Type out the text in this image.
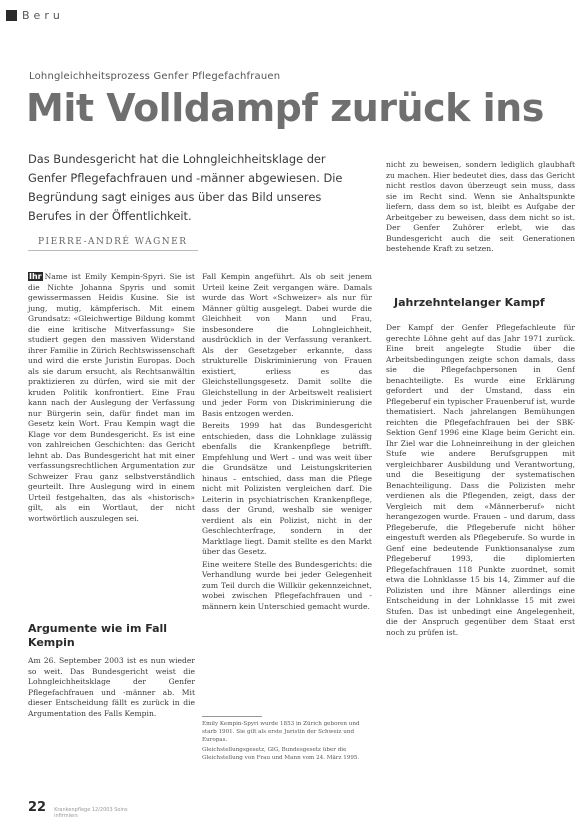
Beru
Lohngleichheitsprozess Genfer Pflegefachfrauen
Mit Volldampf zurück ins

Das Bundesgericht hat die Lohngleichheitsklage der Genfer Pflegefachfrauen und -männer abgewiesen. Die Begründung sagt einiges aus über das Bild unseres Berufes in der Öffentlichkeit.

PIERRE-ANDRÉ WAGNER

Ihr Name ist Emily Kempin-Spyri. Sie ist die Nichte Johanna Spyris und somit gewissermassen Heidis Kusine. Sie ist jung, mutig, kämpferisch. Mit einem Grundsatz: «Gleichwertige Bildung kommt die eine kritische Mitverfassung» Sie studiert gegen den massiven Widerstand ihrer Familie in Zürich Rechtswissenschaft und wird die erste Juristin Europas. Doch als sie darum ersucht, als Rechtsanwältin praktizieren zu dürfen, wird sie mit der kruden Politik konfrontiert. Eine Frau kann nach der Auslegung der Verfassung nur Bürgerin sein, dafür findet man im Gesetz kein Wort. Frau Kempin wagt die Klage vor dem Bundesgericht. Es ist eine von zahlreichen Geschichten: das Gericht lehnt ab. Das Bundesgericht hat mit einer verfassungsrechtlichen Argumentation zur Schweizer Frau ganz selbstverständlich geurteilt. Ihre Auslegung wird in einem Urteil festgehalten, das als «historisch» gilt, als ein Wortlaut, der nicht wortwörtlich auszulegen sei.

Argumente wie im Fall Kempin

Am 26. September 2003 ist es nun wieder so weit. Das Bundesgericht weist die Lohngleichheitsklage der Genfer Pflegefachfrauen und -männer ab. Mit dieser Entscheidung fällt es zurück in die Argumentation des Falls Kempin.

Fall Kempin angeführt. Als ob seit jenem Urteil keine Zeit vergangen wäre. Damals wurde das Wort «Schweizer» als nur für Männer gültig ausgelegt. Dabei wurde die Gleichheit von Mann und Frau, insbesondere die Lohngleichheit, ausdrücklich in der Verfassung verankert. Als der Gesetzgeber erkannte, dass strukturelle Diskriminierung von Frauen existiert, erliess es das Gleichstellungsgesetz. Damit sollte die Gleichstellung in der Arbeitswelt realisiert und jeder Form von Diskriminierung die Basis entzogen werden.

Bereits 1999 hat das Bundesgericht entschieden, dass die Lohnklage zulässig ebenfalls die Krankenpflege betrifft. Empfehlung und Wert – und was weit über die Grundsätze und Leistungskriterien hinaus – entschied, dass man die Pflege nicht mit Polizisten vergleichen darf. Die Leiterin in psychiatrischen Krankenpflege, dass der Grund, weshalb sie weniger verdient als ein Polizist, nicht in der Geschlechterfrage, sondern in der Marktlage liegt. Damit stellte es den Markt über das Gesetz.

Eine weitere Stelle des Bundesgerichts: die Verhandlung wurde bei jeder Gelegenheit zum Teil durch die Willkür gekennzeichnet, wobei zwischen Pflegefachfrauen und -männern kein Unterschied gemacht wurde.

Emily Kempin-Spyri wurde 1853 in Zürich geboren und starb 1901. Sie gilt als erste Juristin der Schweiz und Europas.

Gleichstellungsgesetz, GlG, Bundesgesetz über die Gleichstellung von Frau und Mann vom 24. März 1995.

nicht zu beweisen, sondern lediglich glaubhaft zu machen. Hier bedeutet dies, dass das Gericht nicht restlos davon überzeugt sein muss, dass sie im Recht sind. Wenn sie Anhaltspunkte liefern, dass dem so ist, bleibt es Aufgabe der Arbeitgeber zu beweisen, dass dem nicht so ist. Der Genfer Zuhörer erlebt, wie das Bundesgericht auch die seit Generationen bestehende Kraft zu setzen.

Jahrzehntelanger Kampf

Der Kampf der Genfer Pflegefachleute für gerechte Löhne geht auf das Jahr 1971 zurück. Eine breit angelegte Studie über die Arbeitsbedingungen zeigte schon damals, dass sie die Pflegefachpersonen in Genf benachteiligte. Es wurde eine Erklärung gefordert und der Umstand, dass ein Pflegeberuf ein typischer Frauenberuf ist, wurde thematisiert. Nach jahrelangen Bemühungen reichten die Pflegefachfrauen bei der SBK-Sektion Genf 1996 eine Klage beim Gericht ein. Ihr Ziel war die Lohneinreihung in der gleichen Stufe wie andere Berufsgruppen mit vergleichbarer Ausbildung und Verantwortung, und die Beseitigung der systematischen Benachteiligung. Dass die Polizisten mehr verdienen als die Pflegenden, zeigt, dass der Vergleich mit dem «Männerberuf» nicht herangezogen wurde. Frauen – und darum, dass Pflegeberufe, die Pflegeberufe nicht höher eingestuft werden als Pflegeberufe. So wurde in Genf eine bedeutende Funktionsanalyse zum Pflegeberuf 1993, die diplomierten Pflegefachfrauen 118 Punkte zuordnet, somit etwa die Lohnklasse 15 bis 14, Zimmer auf die Polizisten und ihre Männer allerdings eine Entscheidung in der Lohnklasse 15 mit zwei Stufen. Das ist unbedingt eine Angelegenheit, die der Anspruch gegenüber dem Staat erst noch zu prüfen ist.

22 Krankenpflege 12/2003 Soins infirmiers
